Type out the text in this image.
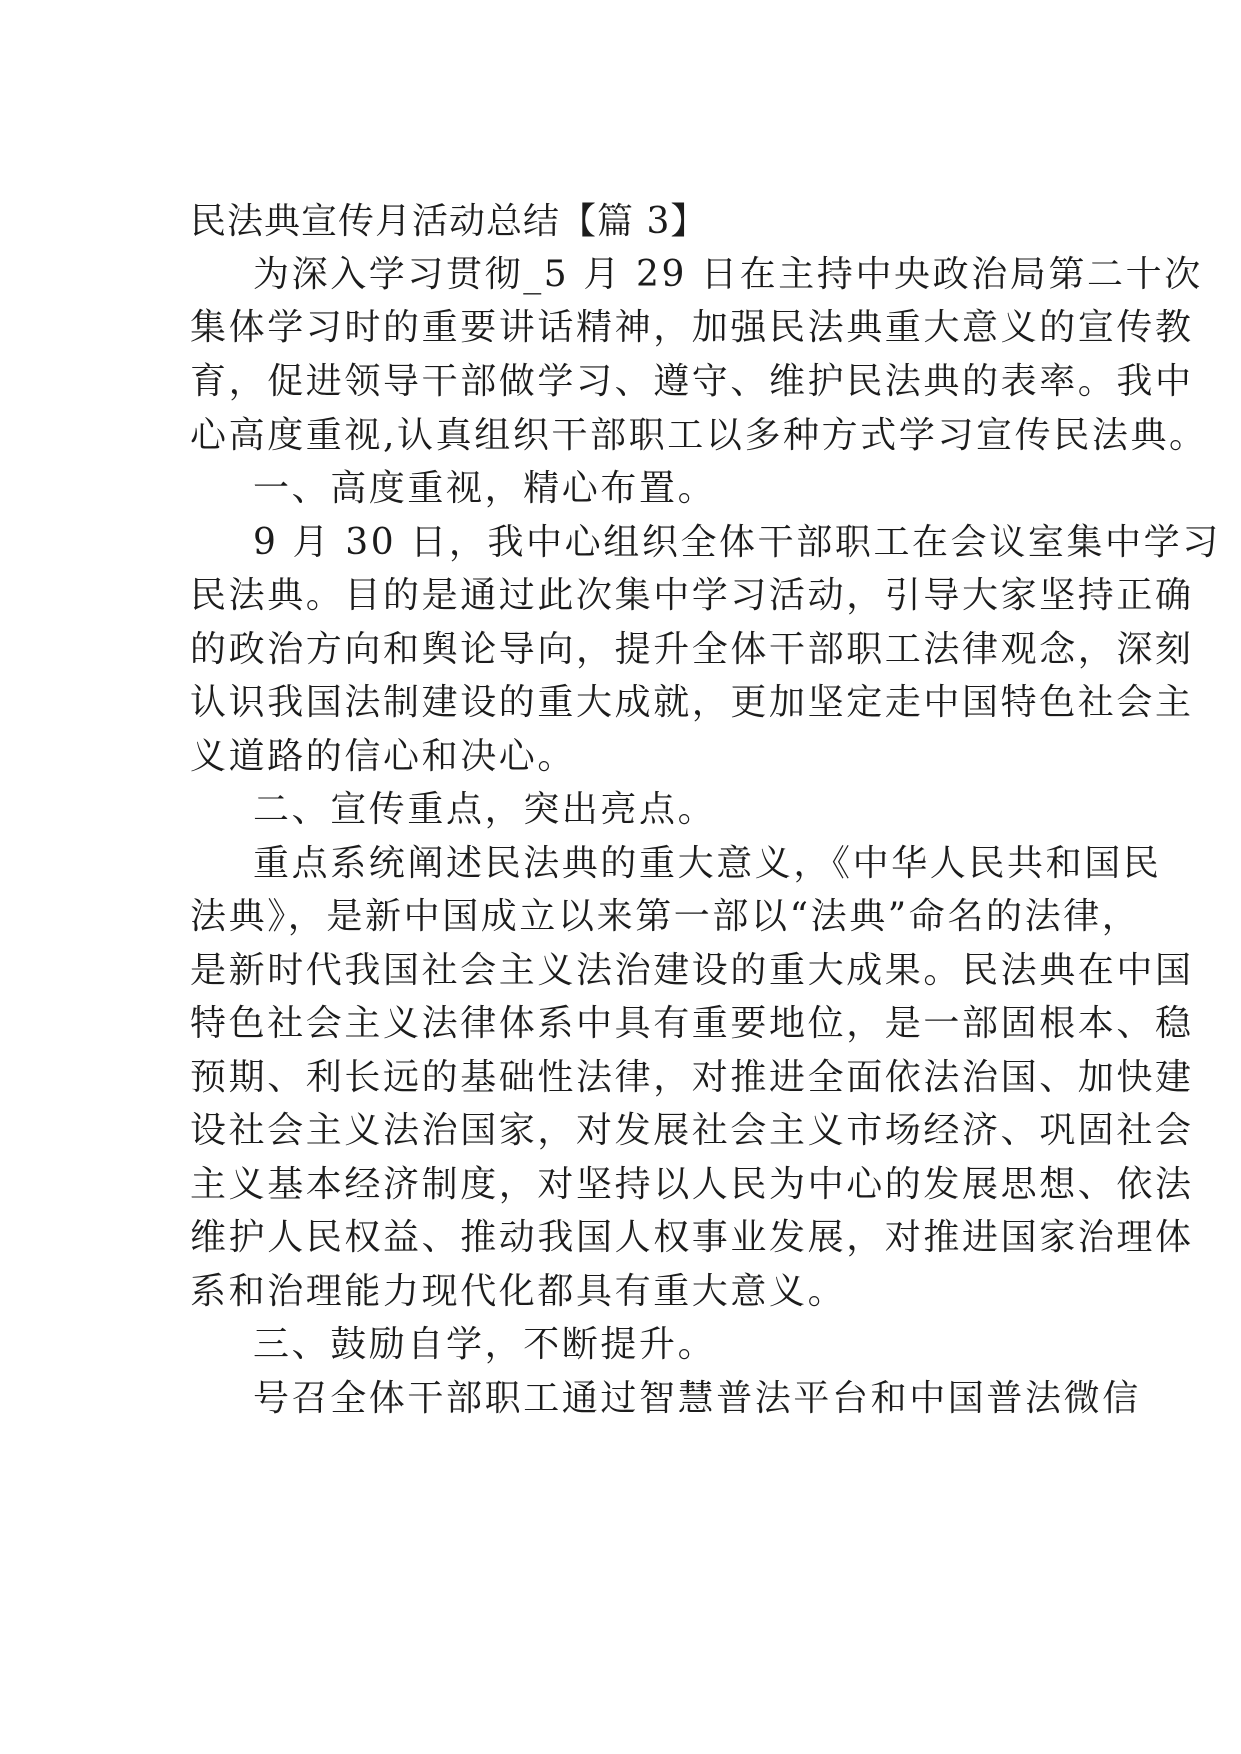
民法典宣传月活动总结【篇 3】
为深入学习贯彻_5 月 29 日在主持中央政治局第二十次
集体学习时的重要讲话精神，加强民法典重大意义的宣传教
育，促进领导干部做学习、遵守、维护民法典的表率。我中
心高度重视,认真组织干部职工以多种方式学习宣传民法典。
一、高度重视，精心布置。
9 月 30 日，我中心组织全体干部职工在会议室集中学习
民法典。目的是通过此次集中学习活动，引导大家坚持正确
的政治方向和舆论导向，提升全体干部职工法律观念，深刻
认识我国法制建设的重大成就，更加坚定走中国特色社会主
义道路的信心和决心。
二、宣传重点，突出亮点。
重点系统阐述民法典的重大意义，《中华人民共和国民
法典》，是新中国成立以来第一部以“法典”命名的法律，
是新时代我国社会主义法治建设的重大成果。民法典在中国
特色社会主义法律体系中具有重要地位，是一部固根本、稳
预期、利长远的基础性法律，对推进全面依法治国、加快建
设社会主义法治国家，对发展社会主义市场经济、巩固社会
主义基本经济制度，对坚持以人民为中心的发展思想、依法
维护人民权益、推动我国人权事业发展，对推进国家治理体
系和治理能力现代化都具有重大意义。
三、鼓励自学，不断提升。
号召全体干部职工通过智慧普法平台和中国普法微信
